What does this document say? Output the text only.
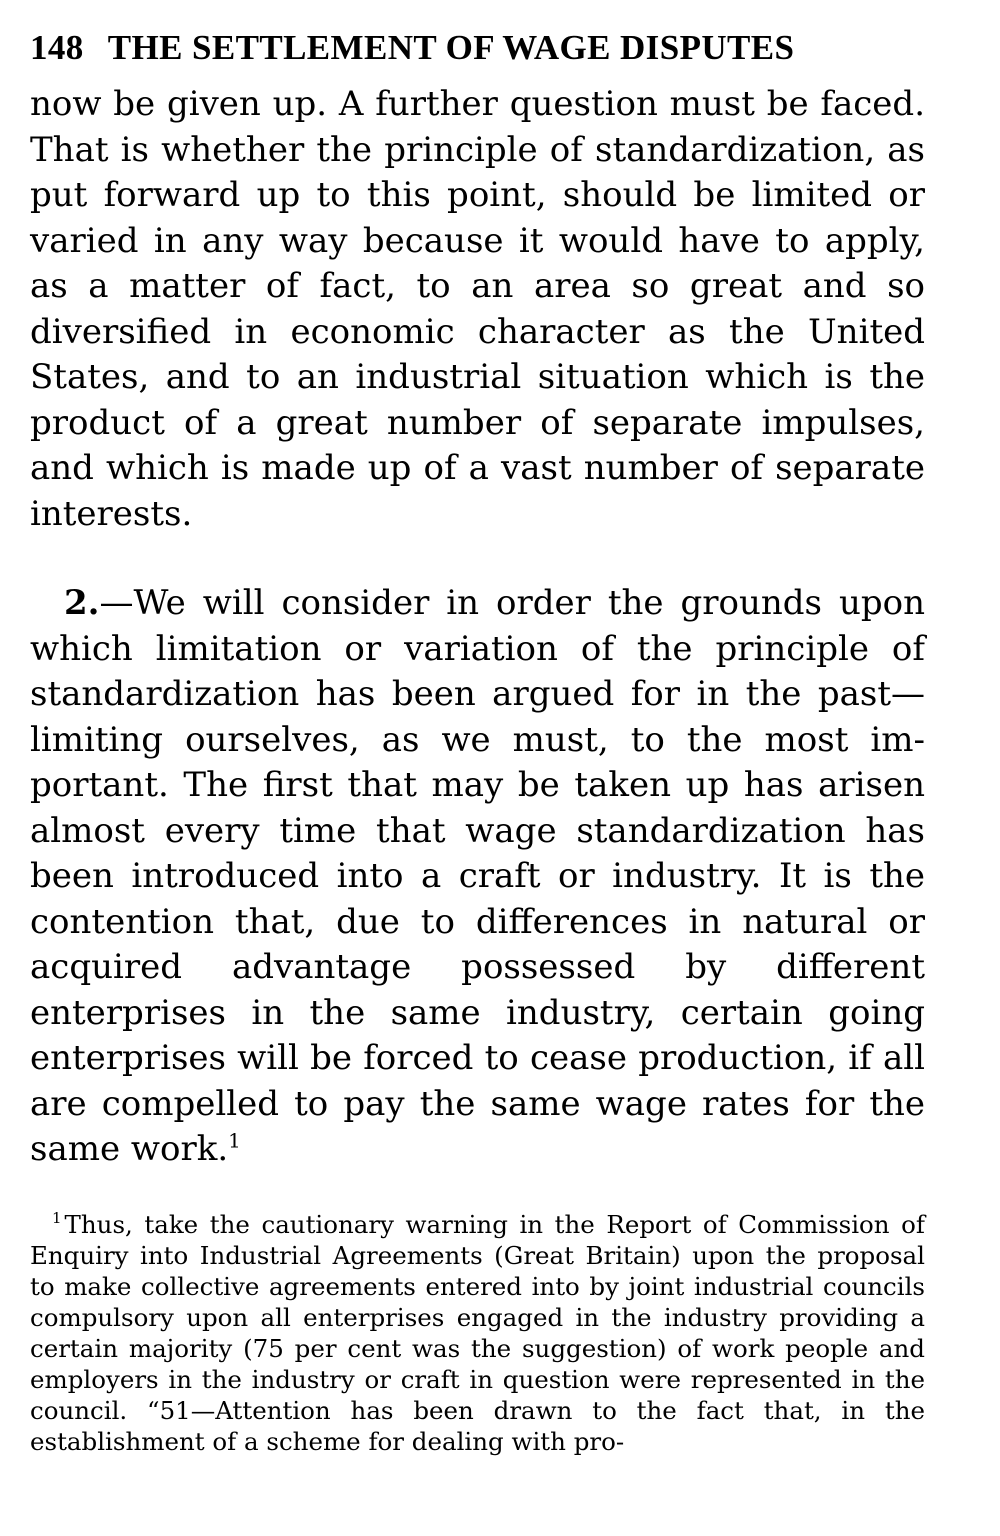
148 THE SETTLEMENT OF WAGE DISPUTES

now be given up. A further question must be faced. That is whether the principle of standardization, as put forward up to this point, should be limited or varied in any way because it would have to apply, as a matter of fact, to an area so great and so diversified in economic character as the United States, and to an industrial situation which is the product of a great number of separate impulses, and which is made up of a vast number of separate interests.

2.—We will consider in order the grounds upon which limitation or variation of the principle of standardization has been argued for in the past—limiting ourselves, as we must, to the most important. The first that may be taken up has arisen almost every time that wage standardization has been introduced into a craft or industry. It is the contention that, due to differences in natural or acquired advantage possessed by different enterprises in the same industry, certain going enterprises will be forced to cease production, if all are compelled to pay the same wage rates for the same work.$^1$

$^1$ Thus, take the cautionary warning in the Report of Commission of Enquiry into Industrial Agreements (Great Britain) upon the proposal to make collective agreements entered into by joint industrial councils compulsory upon all enterprises engaged in the industry providing a certain majority (75 per cent was the suggestion) of work people and employers in the industry or craft in question were represented in the council. “51—Attention has been drawn to the fact that, in the establishment of a scheme for dealing with pro-
